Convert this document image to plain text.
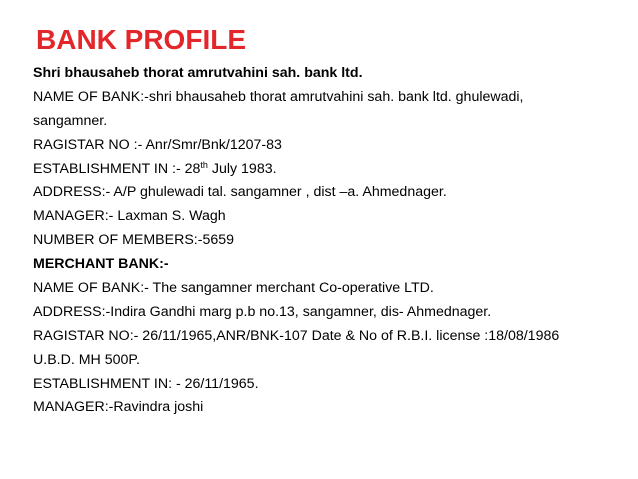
BANK PROFILE
Shri bhausaheb thorat amrutvahini sah. bank ltd.
NAME OF BANK:-shri bhausaheb thorat amrutvahini sah. bank ltd. ghulewadi,
sangamner.
RAGISTAR NO :- Anr/Smr/Bnk/1207-83
ESTABLISHMENT IN :- 28th July 1983.
ADDRESS:- A/P ghulewadi tal. sangamner , dist –a. Ahmednager.
MANAGER:- Laxman S. Wagh
NUMBER OF MEMBERS:-5659
MERCHANT BANK:-
NAME OF BANK:- The sangamner merchant Co-operative LTD.
ADDRESS:-Indira Gandhi marg p.b no.13, sangamner, dis- Ahmednager.
RAGISTAR NO:- 26/11/1965,ANR/BNK-107 Date & No of R.B.I. license :18/08/1986
U.B.D. MH 500P.
ESTABLISHMENT IN: - 26/11/1965.
MANAGER:-Ravindra joshi
